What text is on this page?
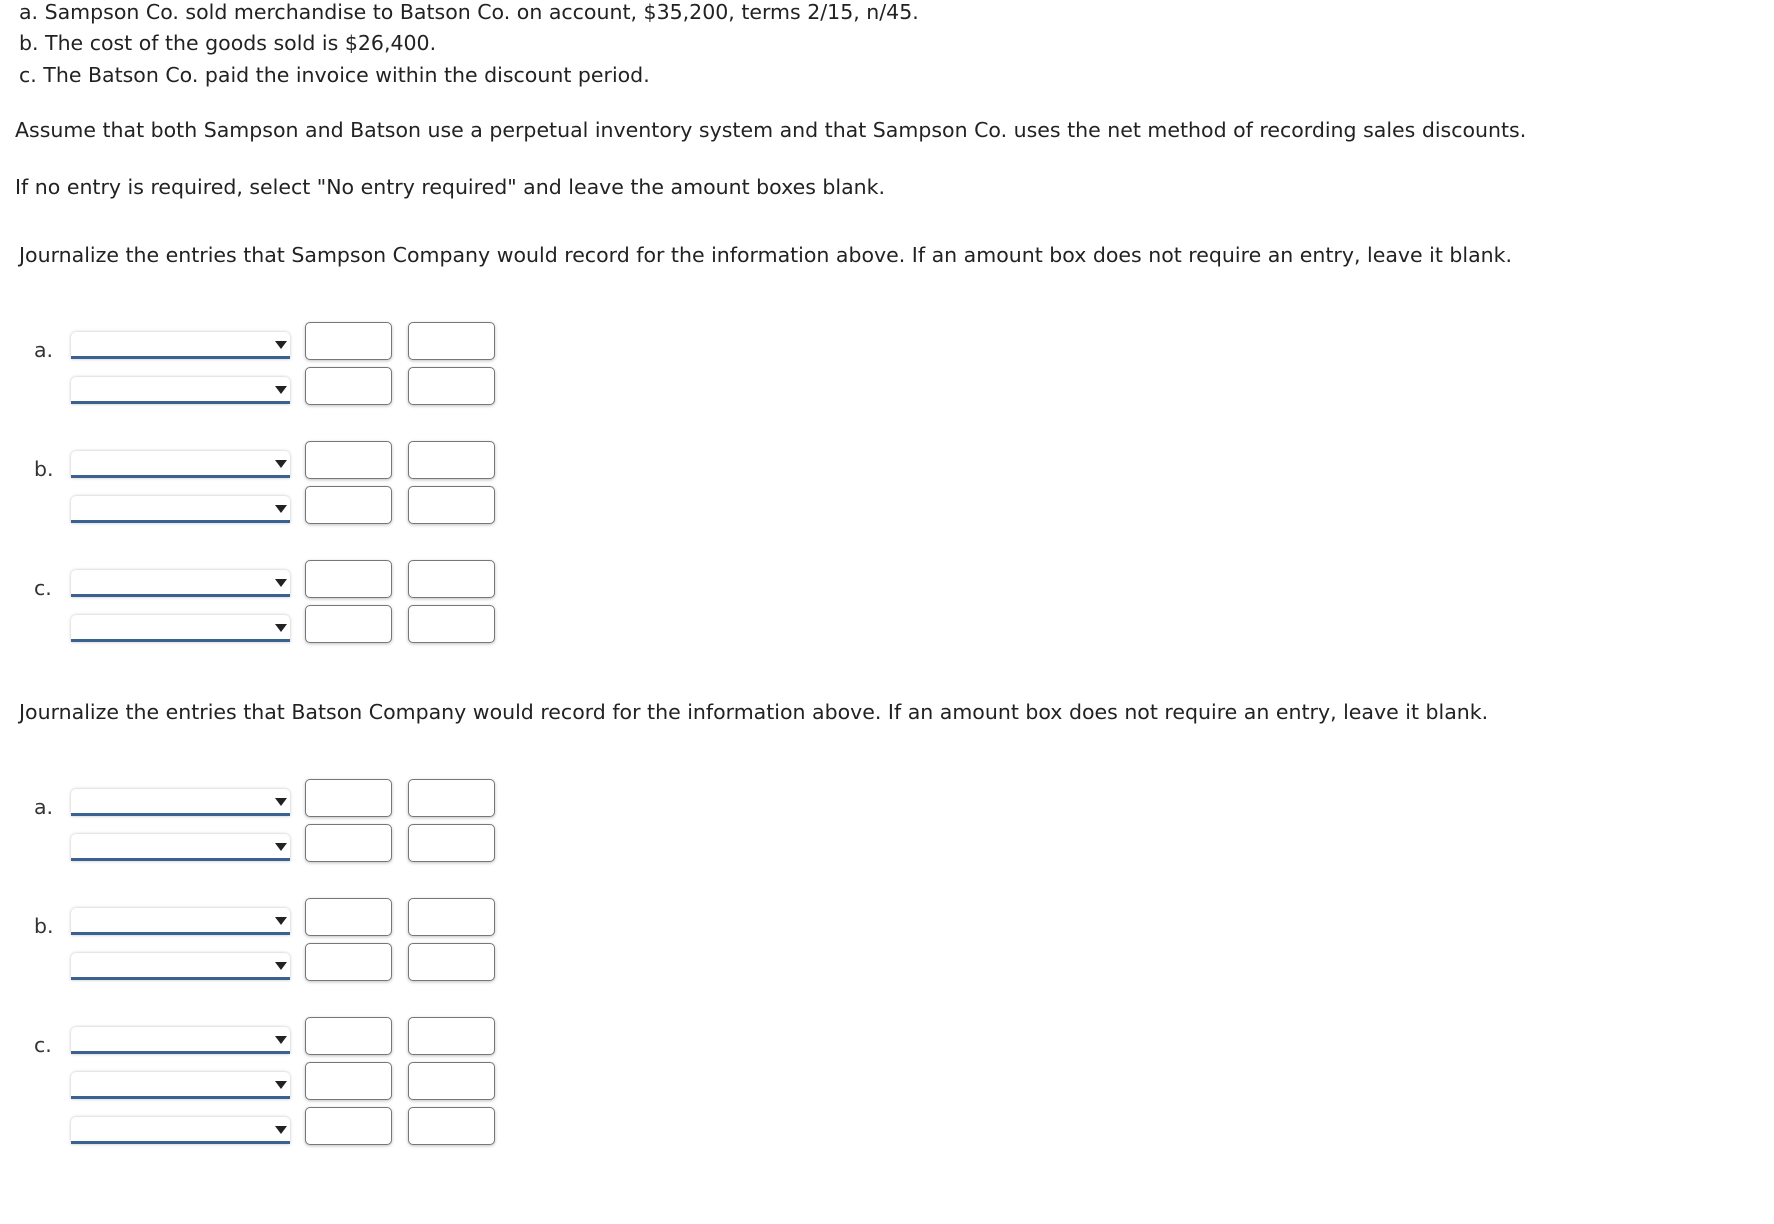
a. Sampson Co. sold merchandise to Batson Co. on account, $35,200, terms 2/15, n/45.
b. The cost of the goods sold is $26,400.
c. The Batson Co. paid the invoice within the discount period.
Assume that both Sampson and Batson use a perpetual inventory system and that Sampson Co. uses the net method of recording sales discounts.
If no entry is required, select "No entry required" and leave the amount boxes blank.
Journalize the entries that Sampson Company would record for the information above. If an amount box does not require an entry, leave it blank.
Journalize the entries that Batson Company would record for the information above. If an amount box does not require an entry, leave it blank.
a.
b.
c.
a.
b.
c.
